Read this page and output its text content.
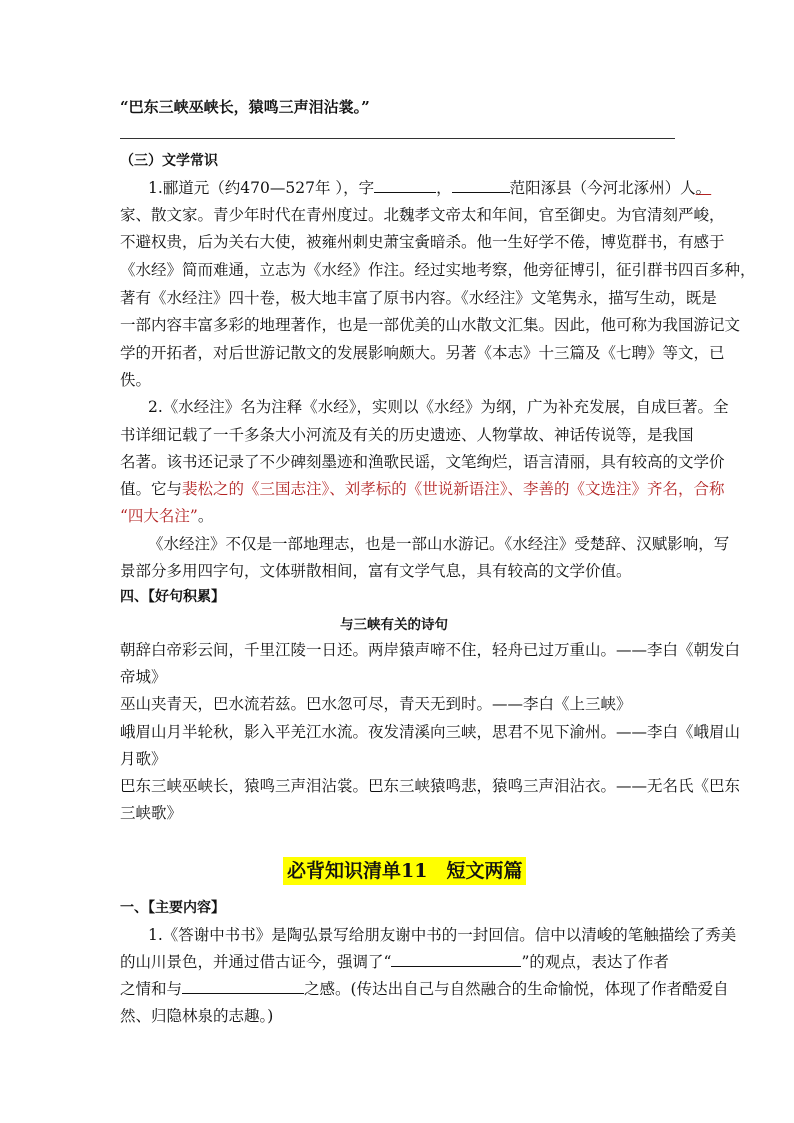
“巴东三峡巫峡长，猿鸣三声泪沾裳。”
（三）文学常识
1.郦道元（约470—527年 ），字	，	范阳涿县（今河北涿州）人。
家、散文家。青少年时代在青州度过。北魏孝文帝太和年间，官至御史。为官清刻严峻，
不避权贵，后为关右大使，被雍州刺史萧宝夤暗杀。他一生好学不倦，博览群书，有感于
《水经》简而难通，立志为《水经》作注。经过实地考察，他旁征博引，征引群书四百多种，
著有《水经注》四十卷，极大地丰富了原书内容。《水经注》文笔隽永，描写生动，既是
一部内容丰富多彩的地理著作，也是一部优美的山水散文汇集。因此，他可称为我国游记文
学的开拓者，对后世游记散文的发展影响颇大。另著《本志》十三篇及《七聘》等文，已
佚。
2.《水经注》名为注释《水经》，实则以《水经》为纲，广为补充发展，自成巨著。全
书详细记载了一千多条大小河流及有关的历史遗迹、人物掌故、神话传说等，是我国
名著。该书还记录了不少碑刻墨迹和渔歌民谣，文笔绚烂，语言清丽，具有较高的文学价
值。它与裴松之的《三国志注》、刘孝标的《世说新语注》、李善的《文选注》齐名，合称
“四大名注”。
《水经注》不仅是一部地理志，也是一部山水游记。《水经注》受楚辞、汉赋影响，写
景部分多用四字句，文体骈散相间，富有文学气息，具有较高的文学价值。
四、【好句积累】
与三峡有关的诗句
朝辞白帝彩云间，千里江陵一日还。两岸猿声啼不住，轻舟已过万重山。——李白《朝发白
帝城》
巫山夹青天，巴水流若兹。巴水忽可尽，青天无到时。——李白《上三峡》
峨眉山月半轮秋，影入平羌江水流。夜发清溪向三峡，思君不见下渝州。——李白《峨眉山
月歌》
巴东三峡巫峡长，猿鸣三声泪沾裳。巴东三峡猿鸣悲，猿鸣三声泪沾衣。——无名氏《巴东
三峡歌》
必背知识清单11　短文两篇
一、【主要内容】
1.《答谢中书书》是陶弘景写给朋友谢中书的一封回信。信中以清峻的笔触描绘了秀美
的山川景色，并通过借古证今，强调了“	”的观点，表达了作者
之情和与	之感。(传达出自己与自然融合的生命愉悦，体现了作者酷爱自
然、归隐林泉的志趣。)
